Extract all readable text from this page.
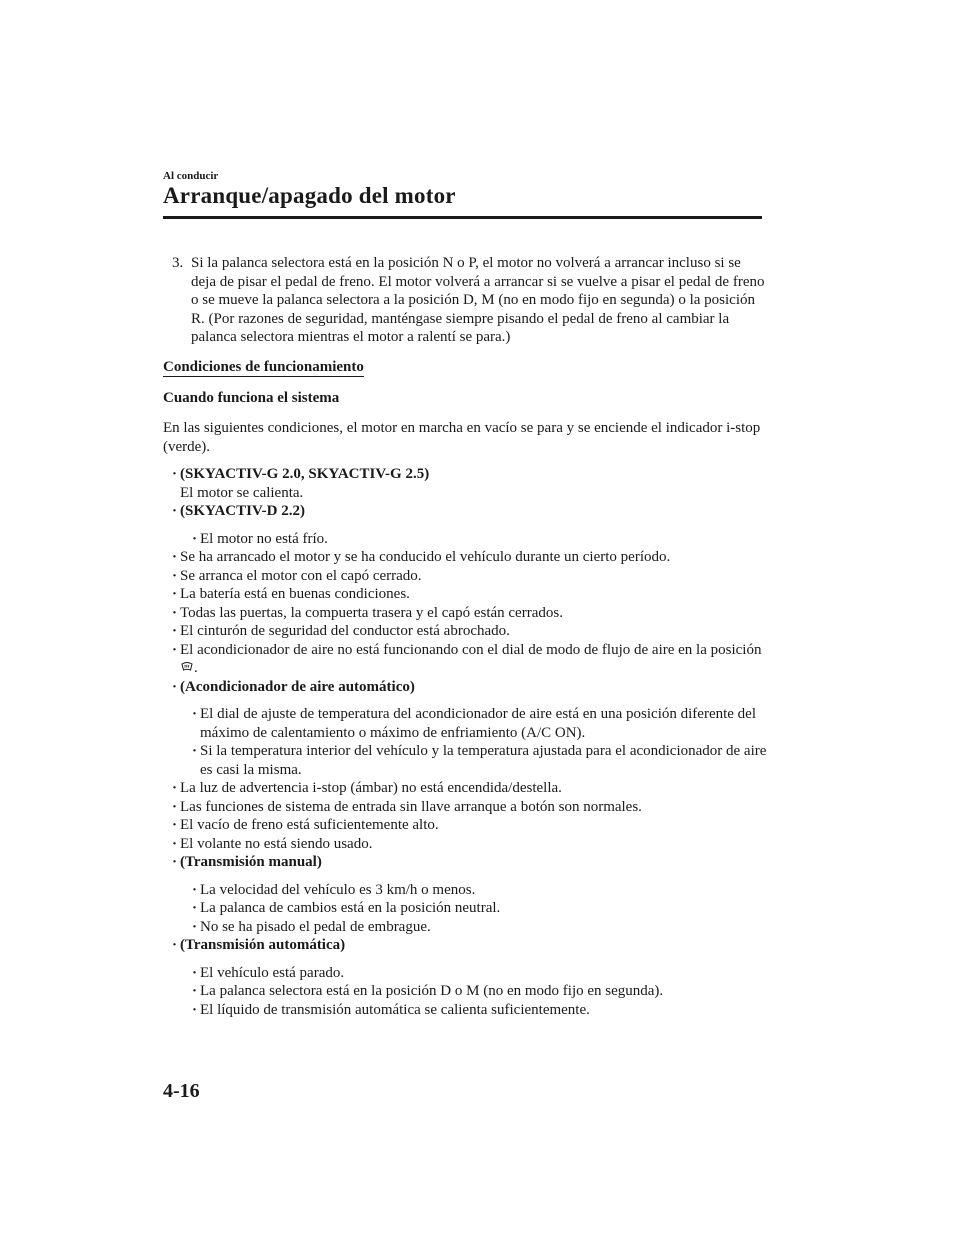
Al conducir
Arranque/apagado del motor
3. Si la palanca selectora está en la posición N o P, el motor no volverá a arrancar incluso si se deja de pisar el pedal de freno. El motor volverá a arrancar si se vuelve a pisar el pedal de freno o se mueve la palanca selectora a la posición D, M (no en modo fijo en segunda) o la posición R. (Por razones de seguridad, manténgase siempre pisando el pedal de freno al cambiar la palanca selectora mientras el motor a ralentí se para.)
Condiciones de funcionamiento
Cuando funciona el sistema
En las siguientes condiciones, el motor en marcha en vacío se para y se enciende el indicador i-stop (verde).
· (SKYACTIV-G 2.0, SKYACTIV-G 2.5)
El motor se calienta.
· (SKYACTIV-D 2.2)
· El motor no está frío.
· Se ha arrancado el motor y se ha conducido el vehículo durante un cierto período.
· Se arranca el motor con el capó cerrado.
· La batería está en buenas condiciones.
· Todas las puertas, la compuerta trasera y el capó están cerrados.
· El cinturón de seguridad del conductor está abrochado.
· El acondicionador de aire no está funcionando con el dial de modo de flujo de aire en la posición .
· (Acondicionador de aire automático)
· El dial de ajuste de temperatura del acondicionador de aire está en una posición diferente del máximo de calentamiento o máximo de enfriamiento (A/C ON).
· Si la temperatura interior del vehículo y la temperatura ajustada para el acondicionador de aire es casi la misma.
· La luz de advertencia i-stop (ámbar) no está encendida/destella.
· Las funciones de sistema de entrada sin llave arranque a botón son normales.
· El vacío de freno está suficientemente alto.
· El volante no está siendo usado.
· (Transmisión manual)
· La velocidad del vehículo es 3 km/h o menos.
· La palanca de cambios está en la posición neutral.
· No se ha pisado el pedal de embrague.
· (Transmisión automática)
· El vehículo está parado.
· La palanca selectora está en la posición D o M (no en modo fijo en segunda).
· El líquido de transmisión automática se calienta suficientemente.
4-16
